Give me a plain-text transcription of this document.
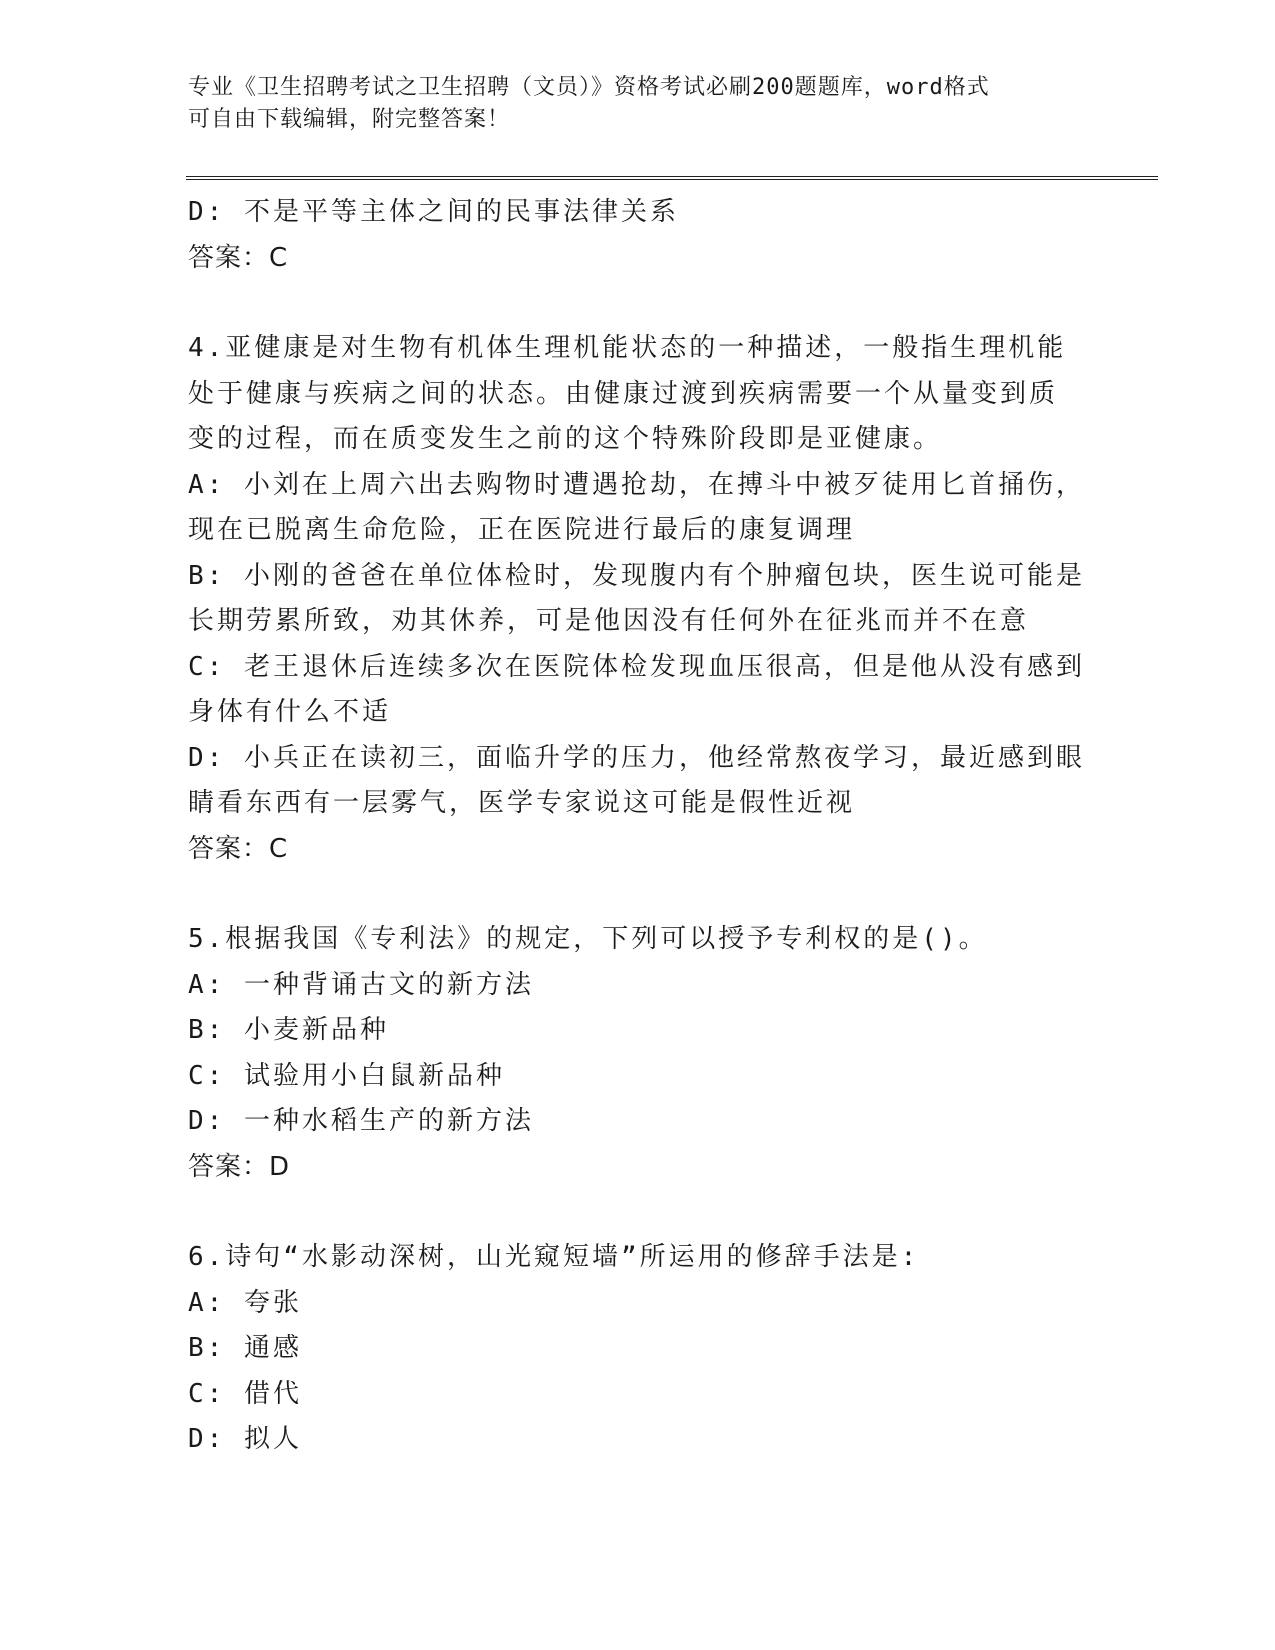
专业《卫生招聘考试之卫生招聘（文员）》资格考试必刷200题题库，word格式
可自由下载编辑，附完整答案！
D: 不是平等主体之间的民事法律关系
答案：C
4.亚健康是对生物有机体生理机能状态的一种描述，一般指生理机能
处于健康与疾病之间的状态。由健康过渡到疾病需要一个从量变到质
变的过程，而在质变发生之前的这个特殊阶段即是亚健康。
A: 小刘在上周六出去购物时遭遇抢劫，在搏斗中被歹徒用匕首捅伤，
现在已脱离生命危险，正在医院进行最后的康复调理
B: 小刚的爸爸在单位体检时，发现腹内有个肿瘤包块，医生说可能是
长期劳累所致，劝其休养，可是他因没有任何外在征兆而并不在意
C: 老王退休后连续多次在医院体检发现血压很高，但是他从没有感到
身体有什么不适
D: 小兵正在读初三，面临升学的压力，他经常熬夜学习，最近感到眼
睛看东西有一层雾气，医学专家说这可能是假性近视
答案：C
5.根据我国《专利法》的规定，下列可以授予专利权的是()。
A: 一种背诵古文的新方法
B: 小麦新品种
C: 试验用小白鼠新品种
D: 一种水稻生产的新方法
答案：D
6.诗句“水影动深树，山光窥短墙”所运用的修辞手法是:
A: 夸张
B: 通感
C: 借代
D: 拟人
